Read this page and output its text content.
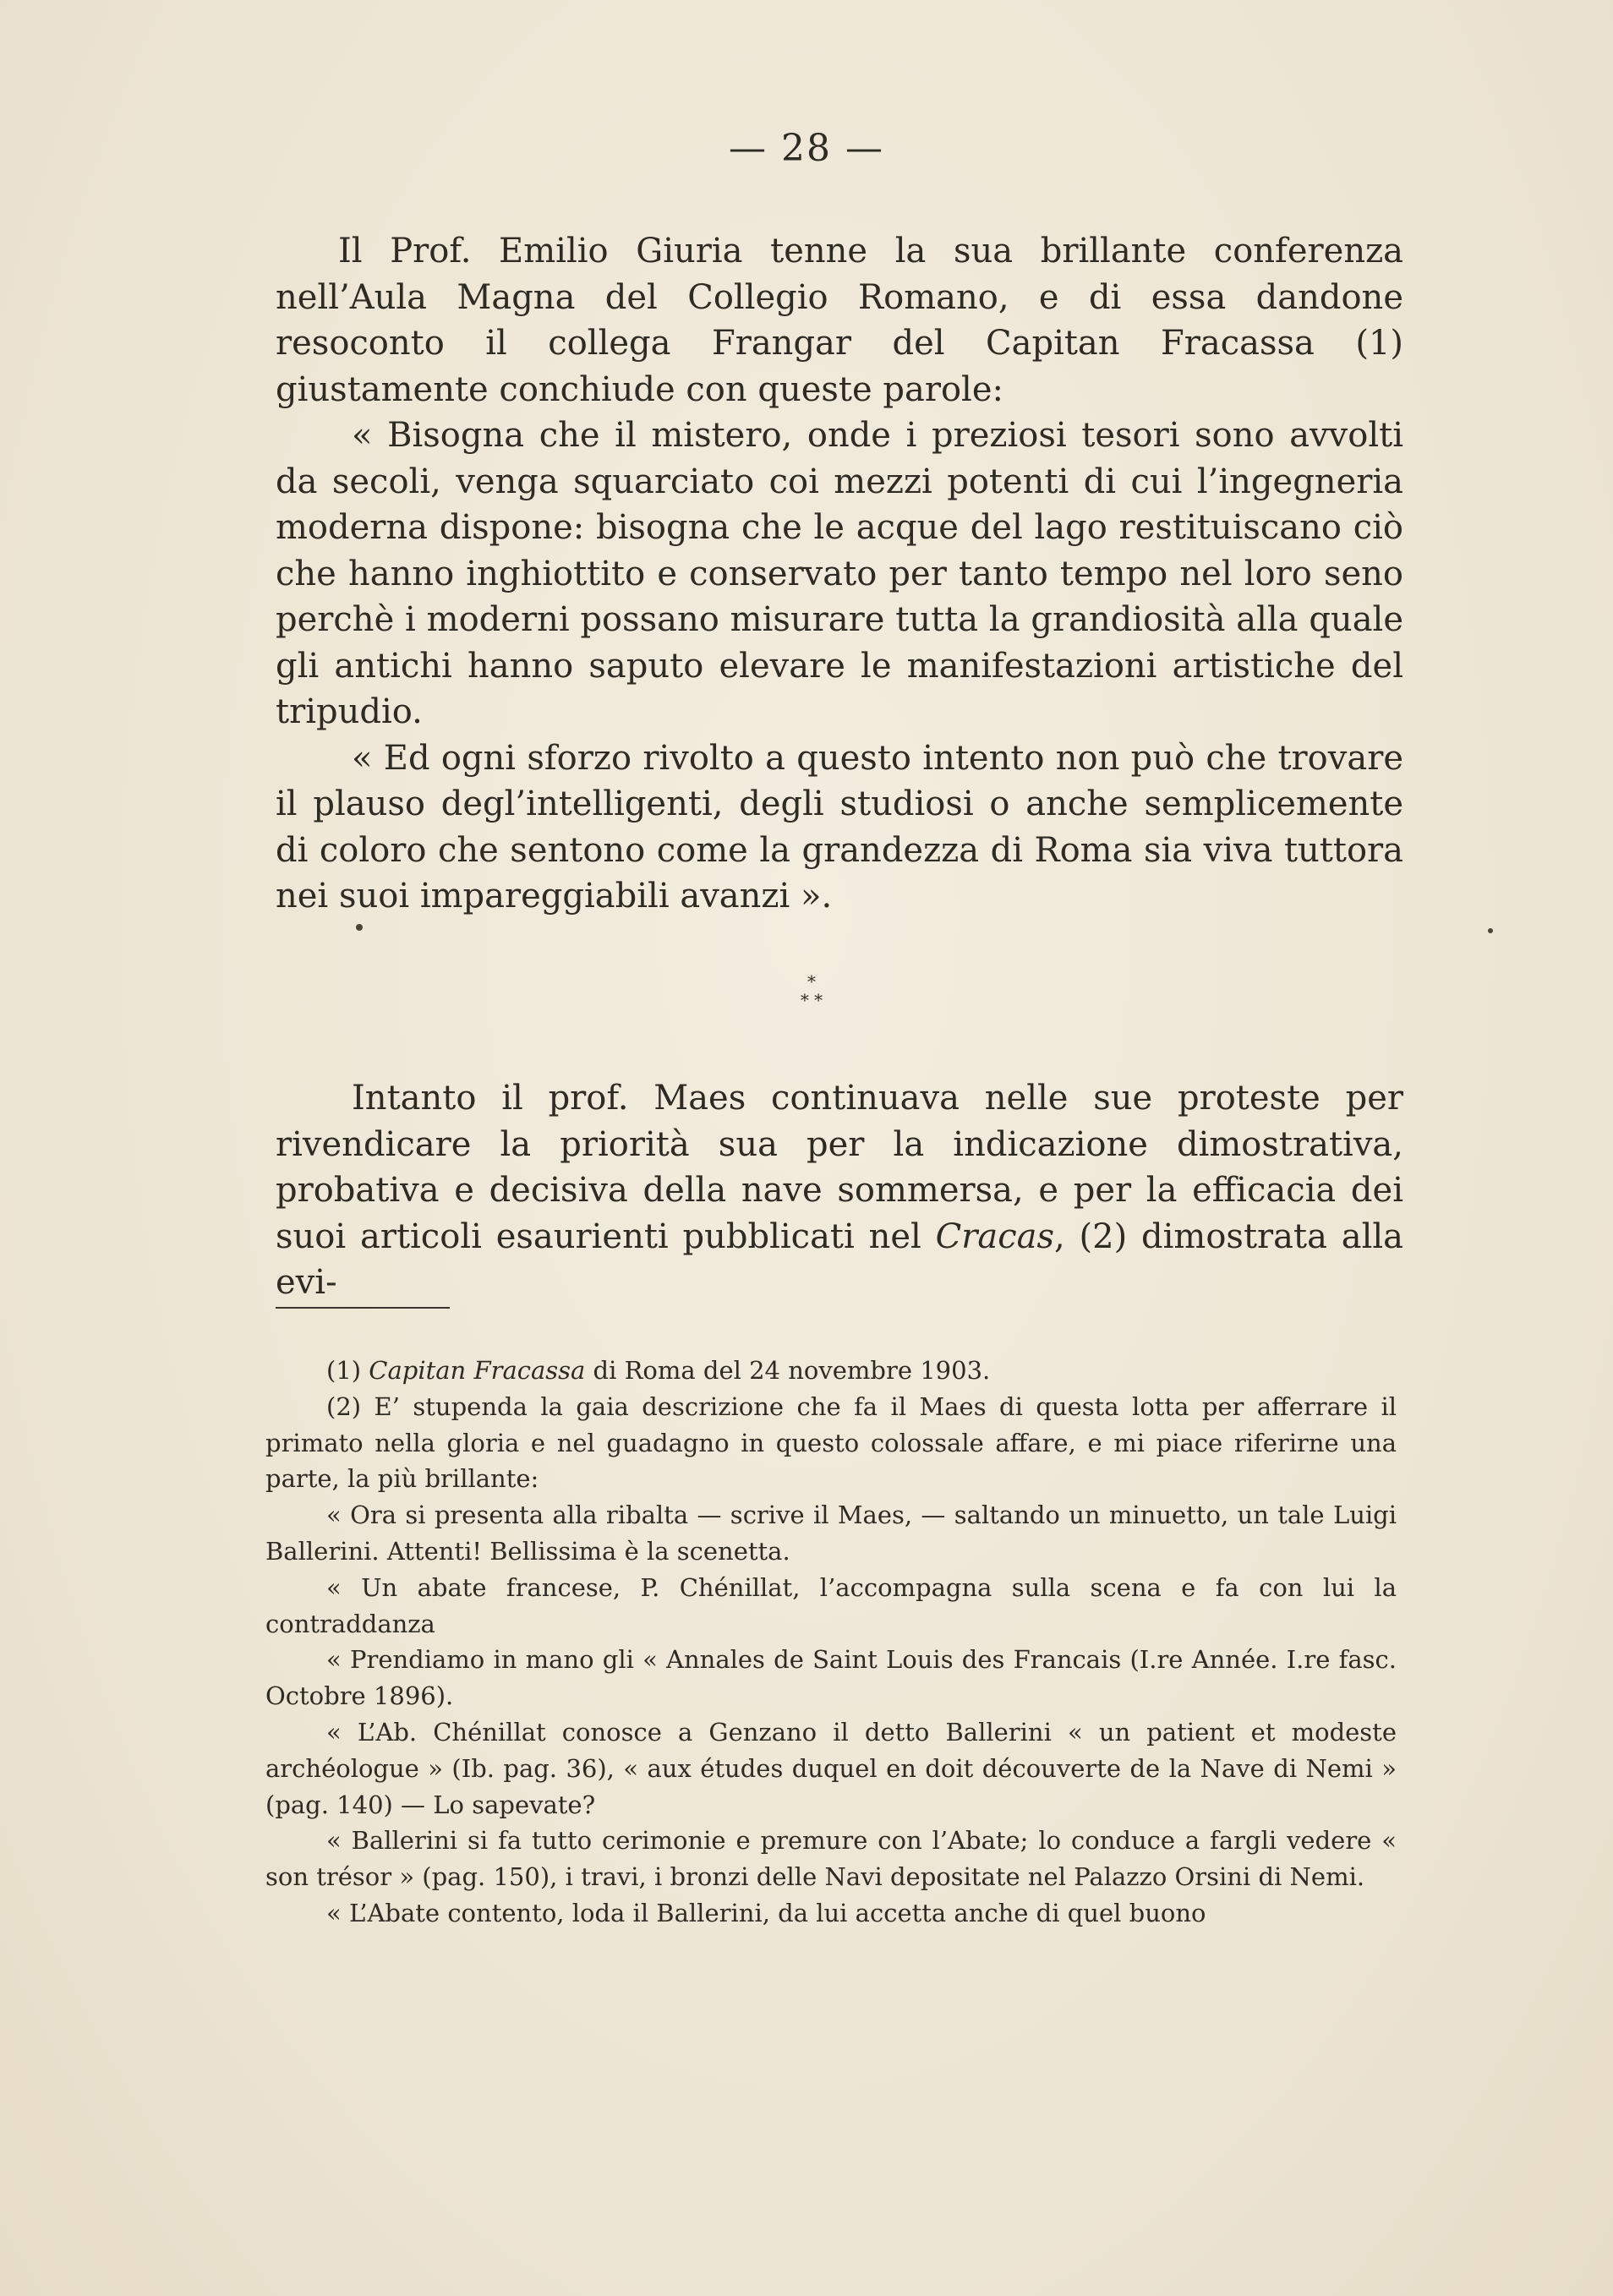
— 28 —

Il Prof. Emilio Giuria tenne la sua brillante conferenza nell’Aula Magna del Collegio Romano, e di essa dandone resoconto il collega Frangar del Capitan Fracassa (1) giustamente conchiude con queste parole:

« Bisogna che il mistero, onde i preziosi tesori sono avvolti da secoli, venga squarciato coi mezzi potenti di cui l’ingegneria moderna dispone: bisogna che le acque del lago restituiscano ciò che hanno inghiottito e conservato per tanto tempo nel loro seno perchè i moderni possano misurare tutta la grandiosità alla quale gli antichi hanno saputo elevare le manifestazioni artistiche del tripudio.

« Ed ogni sforzo rivolto a questo intento non può che trovare il plauso degl’intelligenti, degli studiosi o anche semplicemente di coloro che sentono come la grandezza di Roma sia viva tuttora nei suoi impareggiabili avanzi ».

*
* *

Intanto il prof. Maes continuava nelle sue proteste per rivendicare la priorità sua per la indicazione dimostrativa, probativa e decisiva della nave sommersa, e per la efficacia dei suoi articoli esaurienti pubblicati nel Cracas, (2) dimostrata alla evi-

(1) Capitan Fracassa di Roma del 24 novembre 1903.

(2) E’ stupenda la gaia descrizione che fa il Maes di questa lotta per afferrare il primato nella gloria e nel guadagno in questo colossale affare, e mi piace riferirne una parte, la più brillante:

« Ora si presenta alla ribalta — scrive il Maes, — saltando un minuetto, un tale Luigi Ballerini. Attenti! Bellissima è la scenetta.

« Un abate francese, P. Chénillat, l’accompagna sulla scena e fa con lui la contraddanza

« Prendiamo in mano gli « Annales de Saint Louis des Francais (I.re Année. I.re fasc. Octobre 1896).

« L’Ab. Chénillat conosce a Genzano il detto Ballerini « un patient et modeste archéologue » (Ib. pag. 36), « aux études duquel en doit découverte de la Nave di Nemi » (pag. 140) — Lo sapevate?

« Ballerini si fa tutto cerimonie e premure con l’Abate; lo conduce a fargli vedere « son trésor » (pag. 150), i travi, i bronzi delle Navi depositate nel Palazzo Orsini di Nemi.

« L’Abate contento, loda il Ballerini, da lui accetta anche di quel buono
